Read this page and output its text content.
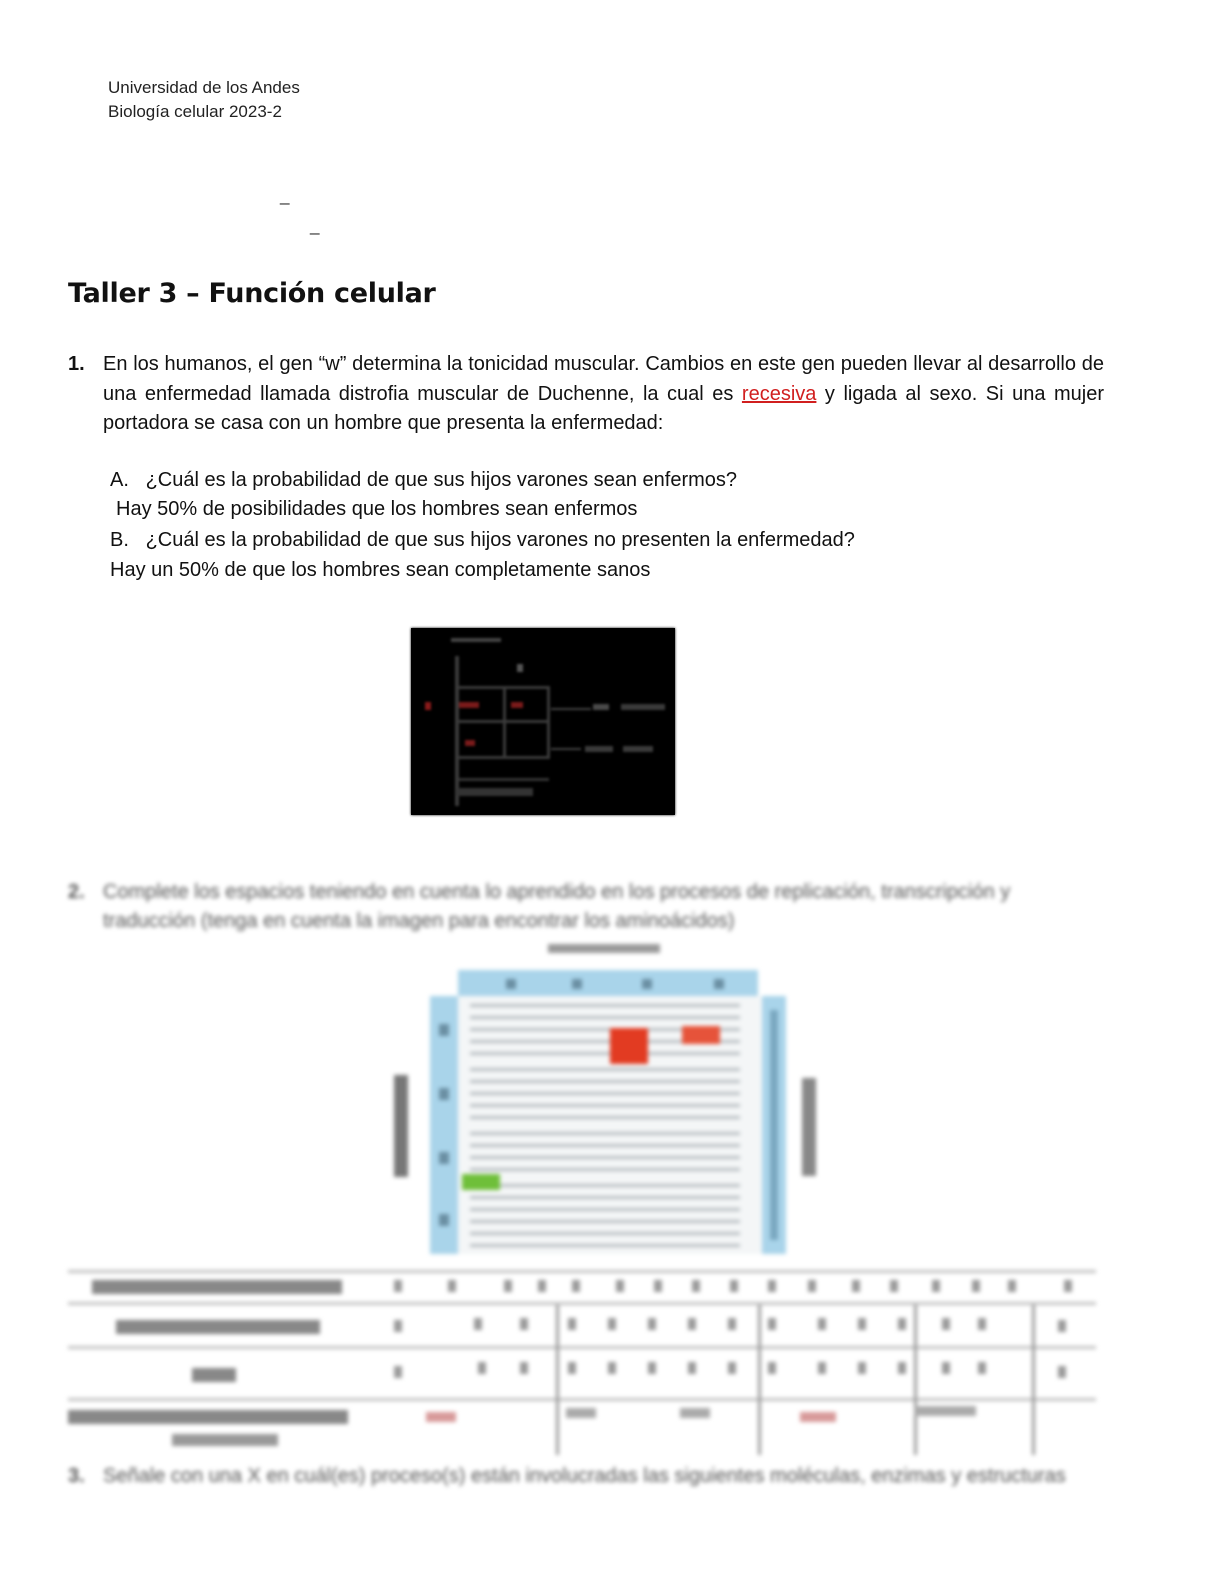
Universidad de los Andes
Biología celular 2023-2
_
_
Taller 3 – Función celular
1. En los humanos, el gen “w” determina la tonicidad muscular. Cambios en este gen pueden llevar al desarrollo de una enfermedad llamada distrofia muscular de Duchenne, la cual es recesiva y ligada al sexo. Si una mujer portadora se casa con un hombre que presenta la enfermedad:
A. ¿Cuál es la probabilidad de que sus hijos varones sean enfermos?
Hay 50% de posibilidades que los hombres sean enfermos
B. ¿Cuál es la probabilidad de que sus hijos varones no presenten la enfermedad?
Hay un 50% de que los hombres sean completamente sanos
2. Complete los espacios teniendo en cuenta lo aprendido en los procesos de replicación, transcripción y traducción (tenga en cuenta la imagen para encontrar los aminoácidos)
3. Señale con una X en cuál(es) proceso(s) están involucradas las siguientes moléculas, enzimas y estructuras
